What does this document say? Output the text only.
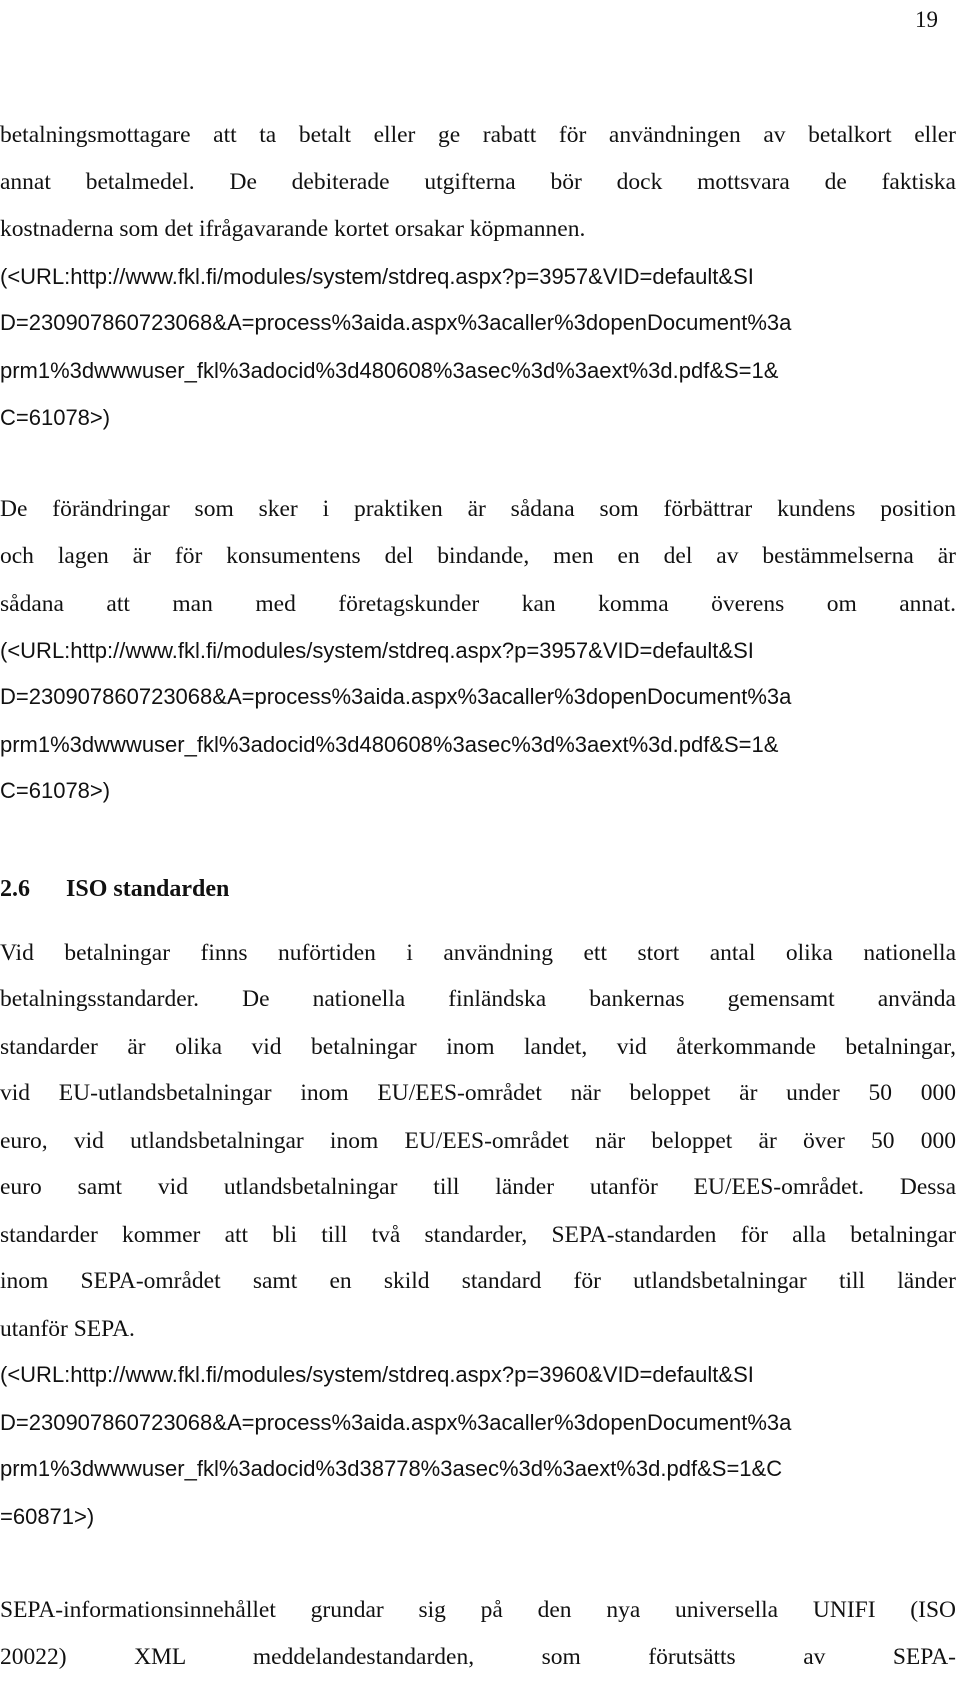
19
betalningsmottagare att ta betalt eller ge rabatt för användningen av betalkort eller
annat betalmedel. De debiterade utgifterna bör dock mottsvara de faktiska
kostnaderna som det ifrågavarande kortet orsakar köpmannen.
(<URL:http://www.fkl.fi/modules/system/stdreq.aspx?p=3957&VID=default&SI
D=230907860723068&A=process%3aida.aspx%3acaller%3dopenDocument%3a
prm1%3dwwwuser_fkl%3adocid%3d480608%3asec%3d%3aext%3d.pdf&S=1&
C=61078>)
De förändringar som sker i praktiken är sådana som förbättrar kundens position
och lagen är för konsumentens del bindande, men en del av bestämmelserna är
sådana att man med företagskunder kan komma överens om annat.
(<URL:http://www.fkl.fi/modules/system/stdreq.aspx?p=3957&VID=default&SI
D=230907860723068&A=process%3aida.aspx%3acaller%3dopenDocument%3a
prm1%3dwwwuser_fkl%3adocid%3d480608%3asec%3d%3aext%3d.pdf&S=1&
C=61078>)
2.6 ISO standarden
Vid betalningar finns nuförtiden i användning ett stort antal olika nationella
betalningsstandarder. De nationella finländska bankernas gemensamt använda
standarder är olika vid betalningar inom landet, vid återkommande betalningar,
vid EU-utlandsbetalningar inom EU/EES-området när beloppet är under 50 000
euro, vid utlandsbetalningar inom EU/EES-området när beloppet är över 50 000
euro samt vid utlandsbetalningar till länder utanför EU/EES-området. Dessa
standarder kommer att bli till två standarder, SEPA-standarden för alla betalningar
inom SEPA-området samt en skild standard för utlandsbetalningar till länder
utanför SEPA.
(<URL:http://www.fkl.fi/modules/system/stdreq.aspx?p=3960&VID=default&SI
D=230907860723068&A=process%3aida.aspx%3acaller%3dopenDocument%3a
prm1%3dwwwuser_fkl%3adocid%3d38778%3asec%3d%3aext%3d.pdf&S=1&C
=60871>)
SEPA-informationsinnehållet grundar sig på den nya universella UNIFI (ISO
20022) XML meddelandestandarden, som förutsätts av SEPA-
